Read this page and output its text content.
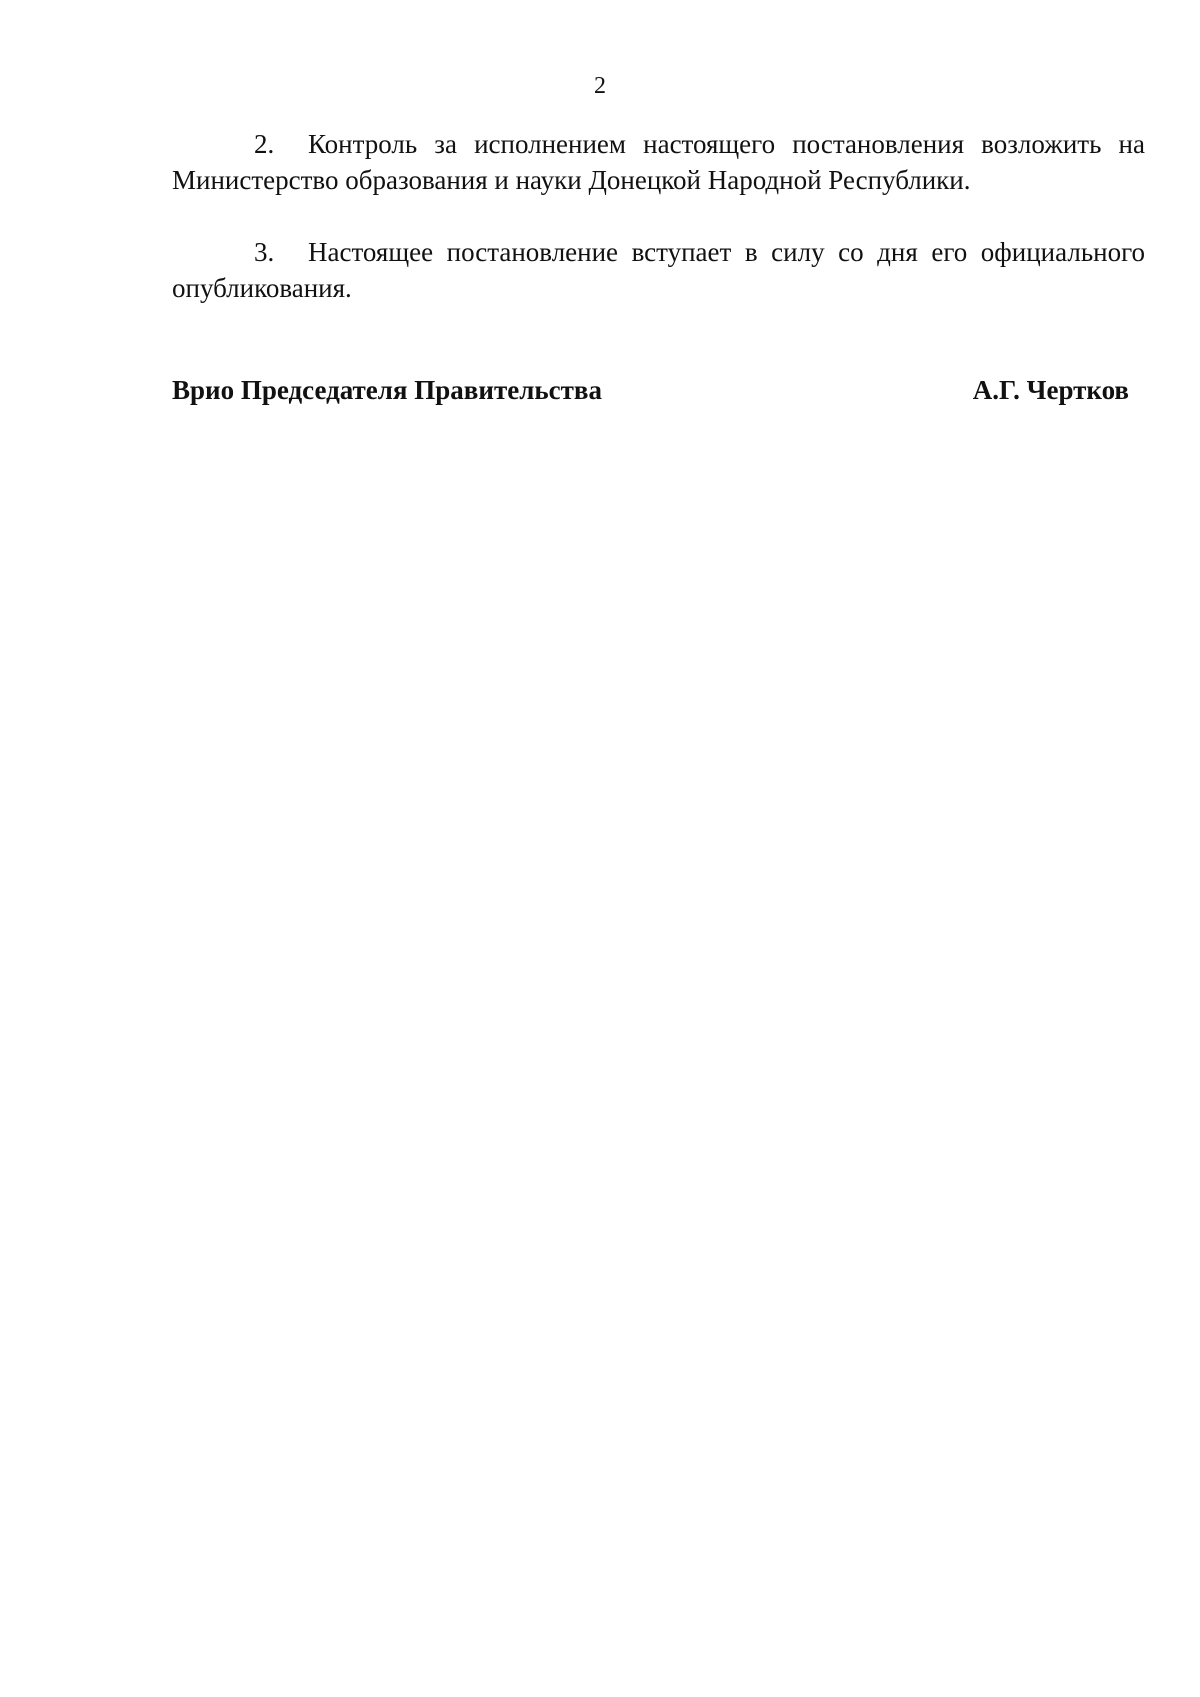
2

2. Контроль за исполнением настоящего постановления возложить на Министерство образования и науки Донецкой Народной Республики.

3. Настоящее постановление вступает в силу со дня его официального опубликования.

Врио Председателя Правительства	А.Г. Чертков
